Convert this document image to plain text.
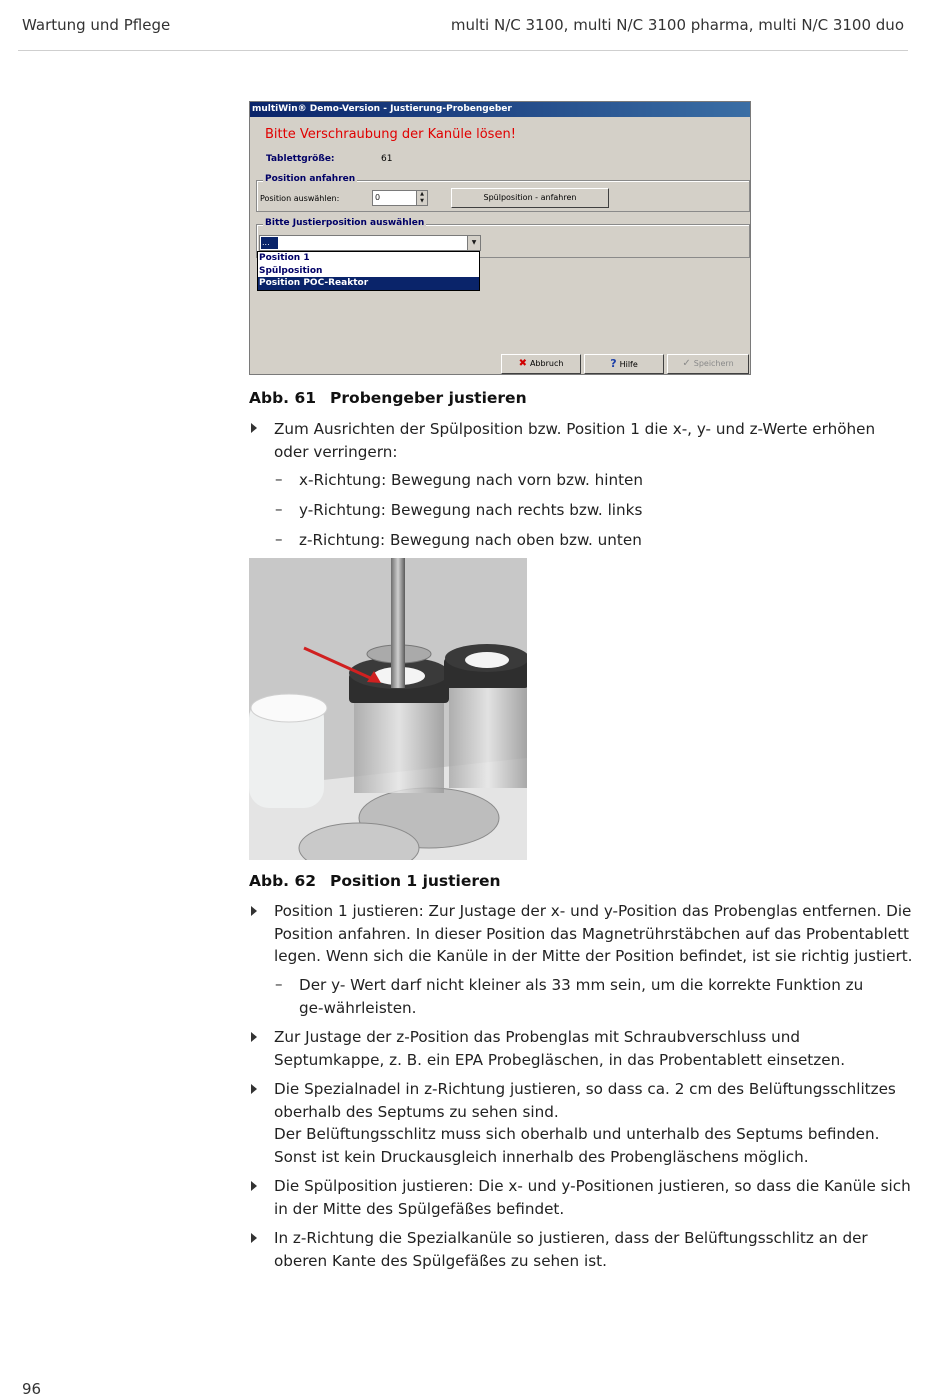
Wartung und Pflege	multi N/C 3100, multi N/C 3100 pharma, multi N/C 3100 duo
multiWin® Demo-Version - Justierung-Probengeber
Bitte Verschraubung der Kanüle lösen!
Tablettgröße:	61
Position anfahren
Position auswählen:	0	▲
▼	Spülposition - anfahren
Bitte Justierposition auswählen
...	▼
✖ Abbruch	? Hilfe	✓ Speichern
Position 1
Spülposition
Position POC-Reaktor
Abb. 61 Probengeber justieren
Zum Ausrichten der Spülposition bzw. Position 1 die x-, y- und z-Werte erhöhen oder verringern:
– x-Richtung: Bewegung nach vorn bzw. hinten
– y-Richtung: Bewegung nach rechts bzw. links
– z-Richtung: Bewegung nach oben bzw. unten
Abb. 62 Position 1 justieren
Position 1 justieren: Zur Justage der x- und y-Position das Probenglas entfernen. Die Position anfahren. In dieser Position das Magnetrührstäbchen auf das Probentablett legen. Wenn sich die Kanüle in der Mitte der Position befindet, ist sie richtig justiert.
– Der y- Wert darf nicht kleiner als 33 mm sein, um die korrekte Funktion zu ge-währleisten.
Zur Justage der z-Position das Probenglas mit Schraubverschluss und Septumkappe, z. B. ein EPA Probegläschen, in das Probentablett einsetzen.
Die Spezialnadel in z-Richtung justieren, so dass ca. 2 cm des Belüftungsschlitzes oberhalb des Septums zu sehen sind.
Der Belüftungsschlitz muss sich oberhalb und unterhalb des Septums befinden. Sonst ist kein Druckausgleich innerhalb des Probengläschens möglich.
Die Spülposition justieren: Die x- und y-Positionen justieren, so dass die Kanüle sich in der Mitte des Spülgefäßes befindet.
In z-Richtung die Spezialkanüle so justieren, dass der Belüftungsschlitz an der oberen Kante des Spülgefäßes zu sehen ist.
96
